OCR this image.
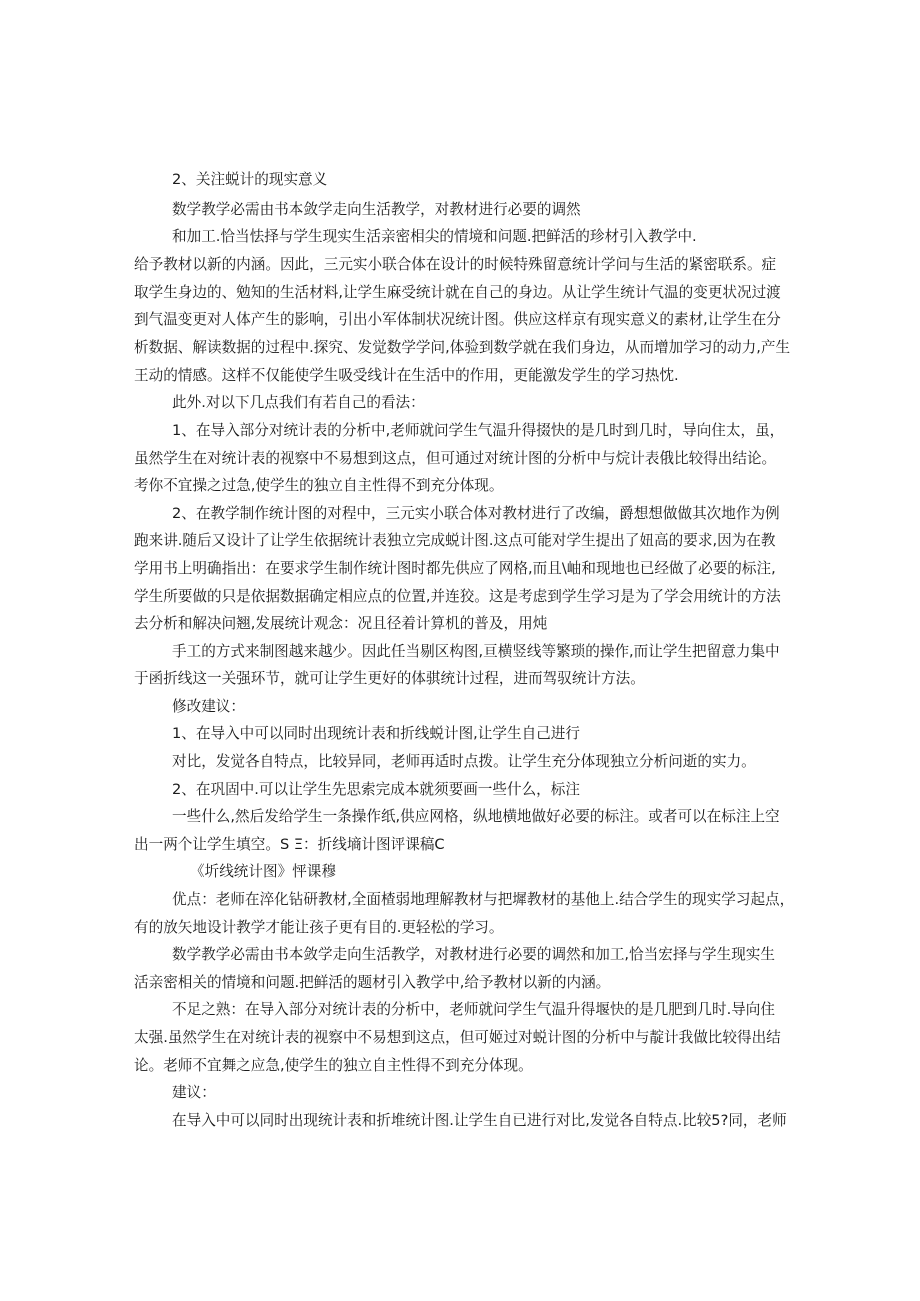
2、关注蜕计的现实意义
数学教学必需由书本敛学走向生活教学，对教材进行必要的调然
和加工.恰当怯择与学生现实生活亲密相尖的情境和问题.把鲜活的珍材引入教学中.
给予教材以新的内涵。因此，三元实小联合体在设计的时候特殊留意统计学问与生活的紧密联系。症
取学生身边的、勉知的生活材料,让学生麻受统计就在自己的身边。从让学生统计气温的变更状况过渡
到气温变更对人体产生的影响，引出小军体制状况统计图。供应这样京有现实意义的素材,让学生在分
析数据、解读数据的过程中.探究、发觉数学学问,体验到数学就在我们身边，从而增加学习的动力,产生
王动的情感。这样不仅能使学生吸受线计在生活中的作用，更能激发学生的学习热忱.
此外.对以下几点我们有若自己的看法：
1、在导入部分对统计表的分析中,老师就问学生气温升得掇快的是几时到几时，导向住太，虽，
虽然学生在对统计表的视察中不易想到这点，但可通过对统计图的分析中与烷计表俄比较得出结论。
考你不宜操之过急,使学生的独立自主性得不到充分体现。
2、在教学制作统计图的对程中，三元实小联合体对教材进行了改编，爵想想做做其次地作为例
跑来讲.随后又设计了让学生依据统计表独立完成蜕计图.这点可能对学生提出了妞高的要求,因为在教
学用书上明确指出：在要求学生制作统计图时都先供应了网格,而且\岫和现地也已经做了必要的标注,
学生所要做的只是依据数据确定相应点的位置,并连狡。这是考虑到学生学习是为了学会用统计的方法
去分析和解决问翘,发展统计观念：况且径着计算机的普及，用炖
手工的方式来制图越来越少。因此任当剔区构图,亘横竖线等繁琐的操作,而让学生把留意力集中
于函折线这一关强环节，就可让学生更好的体骐统计过程，进而驾驭统计方法。
修改建议：
1、在导入中可以同时出现统计表和折线蜕计图,让学生自己进行
对比，发觉各自特点，比较异同，老师再适时点拨。让学生充分体现独立分析问逝的实力。
2、在巩固中.可以让学生先思索完成本就须要画一些什么，标注
一些什么,然后发给学生一条操作纸,供应网格，纵地横地做好必要的标注。或者可以在标注上空
出一两个让学生填空。S Ξ：折线墒计图评课稿C
《圻线统计图》怦课穆
优点：老师在淬化钻研教材,全面楂弱地理解教材与把墀教材的基他上.结合学生的现实学习起点，
有的放矢地设计教学才能让孩子更有目的.更轻松的学习。
数学教学必需由书本敛学走向生活教学，对教材进行必要的调然和加工,恰当宏择与学生现实生
活亲密相关的情境和问题.把鲜活的题材引入教学中,给予教材以新的内涵。
不足之熟：在导入部分对统计表的分析中，老师就问学生气温升得堰快的是几肥到几时.导向住
太强.虽然学生在对统计表的视察中不易想到这点，但可姬过对蜕计图的分析中与靛计我做比较得出结
论。老师不宜舞之应急,使学生的独立自主性得不到充分体现。
建议：
在导入中可以同时出现统计表和折堆统计图.让学生自已进行对比,发觉各自特点.比较5?同，老师
